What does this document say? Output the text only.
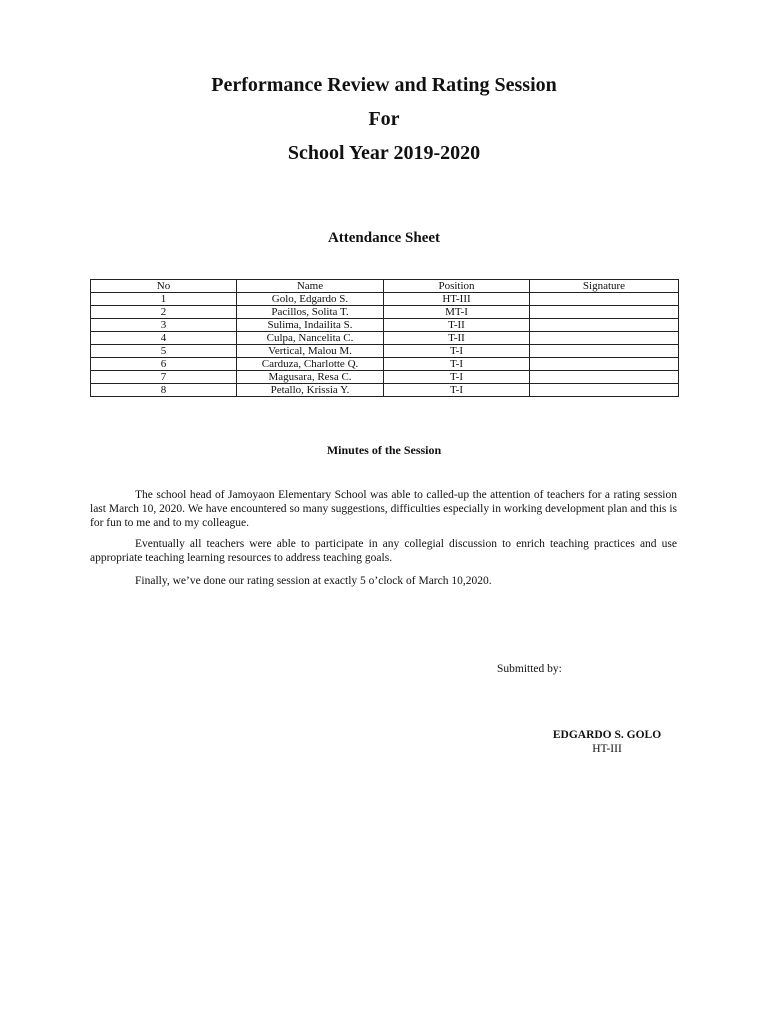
Performance Review and Rating Session
For
School Year 2019-2020
Attendance Sheet
No	Name	Position	Signature
1	Golo, Edgardo S.	HT-III	
2	Pacillos, Solita T.	MT-I	
3	Sulima, Indailita S.	T-II	
4	Culpa, Nancelita C.	T-II	
5	Vertical, Malou M.	T-I	
6	Carduza, Charlotte Q.	T-I	
7	Magusara, Resa C.	T-I	
8	Petallo, Krissia Y.	T-I	
Minutes of the Session

The school head of Jamoyaon Elementary School was able to called-up the attention of teachers for a rating session last March 10, 2020. We have encountered so many suggestions, difficulties especially in working development plan and this is for fun to me and to my colleague.

Eventually all teachers were able to participate in any collegial discussion to enrich teaching practices and use appropriate teaching learning resources to address teaching goals.

Finally, we’ve done our rating session at exactly 5 o’clock of March 10,2020.

Submitted by:

EDGARDO S. GOLO

HT-III
